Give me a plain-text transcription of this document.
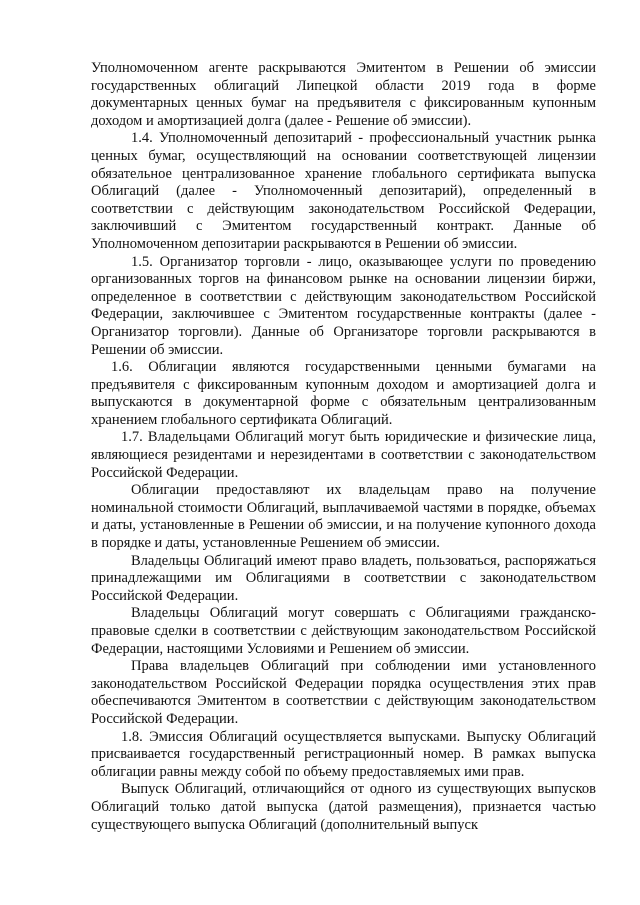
Уполномоченном агенте раскрываются Эмитентом в Решении об эмиссии государственных облигаций Липецкой области 2019 года в форме документарных ценных бумаг на предъявителя с фиксированным купонным доходом и амортизацией долга (далее - Решение об эмиссии).

1.4. Уполномоченный депозитарий - профессиональный участник рынка ценных бумаг, осуществляющий на основании соответствующей лицензии обязательное централизованное хранение глобального сертификата выпуска Облигаций (далее - Уполномоченный депозитарий), определенный в соответствии с действующим законодательством Российской Федерации, заключивший с Эмитентом государственный контракт. Данные об Уполномоченном депозитарии раскрываются в Решении об эмиссии.

1.5. Организатор торговли - лицо, оказывающее услуги по проведению организованных торгов на финансовом рынке на основании лицензии биржи, определенное в соответствии с действующим законодательством Российской Федерации, заключившее с Эмитентом государственные контракты (далее - Организатор торговли). Данные об Организаторе торговли раскрываются в Решении об эмиссии.

1.6. Облигации являются государственными ценными бумагами на предъявителя с фиксированным купонным доходом и амортизацией долга и выпускаются в документарной форме с обязательным централизованным хранением глобального сертификата Облигаций.

1.7. Владельцами Облигаций могут быть юридические и физические лица, являющиеся резидентами и нерезидентами в соответствии с законодательством Российской Федерации.

Облигации предоставляют их владельцам право на получение номинальной стоимости Облигаций, выплачиваемой частями в порядке, объемах и даты, установленные в Решении об эмиссии, и на получение купонного дохода в порядке и даты, установленные Решением об эмиссии.

Владельцы Облигаций имеют право владеть, пользоваться, распоряжаться принадлежащими им Облигациями в соответствии с законодательством Российской Федерации.

Владельцы Облигаций могут совершать с Облигациями гражданско-правовые сделки в соответствии с действующим законодательством Российской Федерации, настоящими Условиями и Решением об эмиссии.

Права владельцев Облигаций при соблюдении ими установленного законодательством Российской Федерации порядка осуществления этих прав обеспечиваются Эмитентом в соответствии с действующим законодательством Российской Федерации.

1.8. Эмиссия Облигаций осуществляется выпусками. Выпуску Облигаций присваивается государственный регистрационный номер. В рамках выпуска облигации равны между собой по объему предоставляемых ими прав.

Выпуск Облигаций, отличающийся от одного из существующих выпусков Облигаций только датой выпуска (датой размещения), признается частью существующего выпуска Облигаций (дополнительный выпуск
